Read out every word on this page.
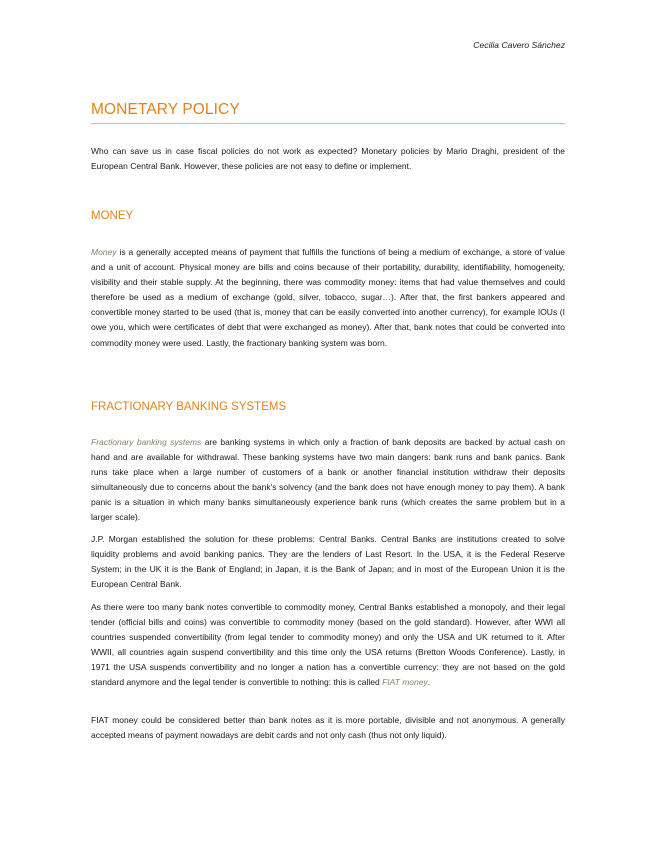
Cecilia Cavero Sánchez
MONETARY POLICY
Who can save us in case fiscal policies do not work as expected? Monetary policies by Mario Draghi, president of the European Central Bank. However, these policies are not easy to define or implement.
MONEY
Money is a generally accepted means of payment that fulfills the functions of being a medium of exchange, a store of value and a unit of account. Physical money are bills and coins because of their portability, durability, identifiability, homogeneity, visibility and their stable supply. At the beginning, there was commodity money: items that had value themselves and could therefore be used as a medium of exchange (gold, silver, tobacco, sugar…). After that, the first bankers appeared and convertible money started to be used (that is, money that can be easily converted into another currency), for example IOUs (I owe you, which were certificates of debt that were exchanged as money). After that, bank notes that could be converted into commodity money were used. Lastly, the fractionary banking system was born.
FRACTIONARY BANKING SYSTEMS
Fractionary banking systems are banking systems in which only a fraction of bank deposits are backed by actual cash on hand and are available for withdrawal. These banking systems have two main dangers: bank runs and bank panics. Bank runs take place when a large number of customers of a bank or another financial institution withdraw their deposits simultaneously due to concerns about the bank's solvency (and the bank does not have enough money to pay them). A bank panic is a situation in which many banks simultaneously experience bank runs (which creates the same problem but in a larger scale).
J.P. Morgan established the solution for these problems: Central Banks. Central Banks are institutions created to solve liquidity problems and avoid banking panics. They are the lenders of Last Resort. In the USA, it is the Federal Reserve System; in the UK it is the Bank of England; in Japan, it is the Bank of Japan; and in most of the European Union it is the European Central Bank.
As there were too many bank notes convertible to commodity money, Central Banks established a monopoly, and their legal tender (official bills and coins) was convertible to commodity money (based on the gold standard). However, after WWI all countries suspended convertibility (from legal tender to commodity money) and only the USA and UK returned to it. After WWII, all countries again suspend convertibility and this time only the USA returns (Bretton Woods Conference). Lastly, in 1971 the USA suspends convertibility and no longer a nation has a convertible currency: they are not based on the gold standard anymore and the legal tender is convertible to nothing: this is called FIAT money.
FIAT money could be considered better than bank notes as it is more portable, divisible and not anonymous. A generally accepted means of payment nowadays are debit cards and not only cash (thus not only liquid).
